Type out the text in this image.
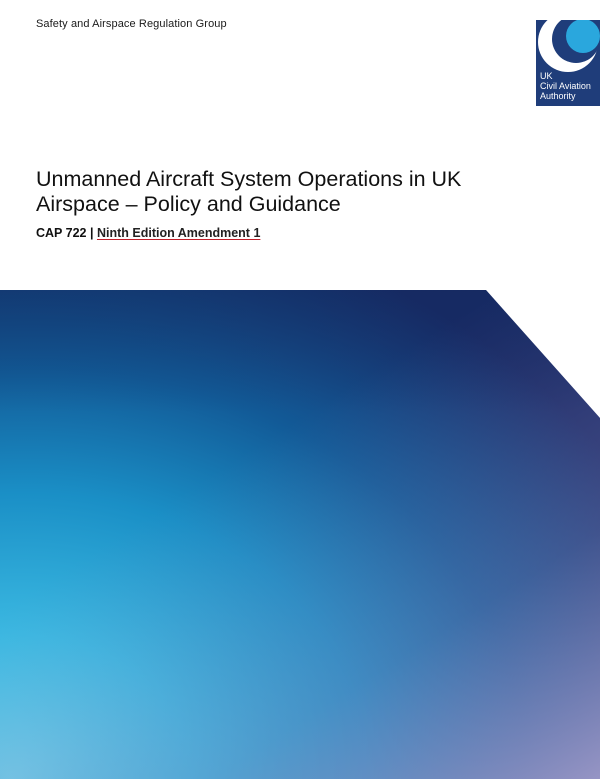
Safety and Airspace Regulation Group
UK
Civil Aviation
Authority
Unmanned Aircraft System Operations in UK Airspace – Policy and Guidance
CAP 722 | Ninth Edition Amendment 1
